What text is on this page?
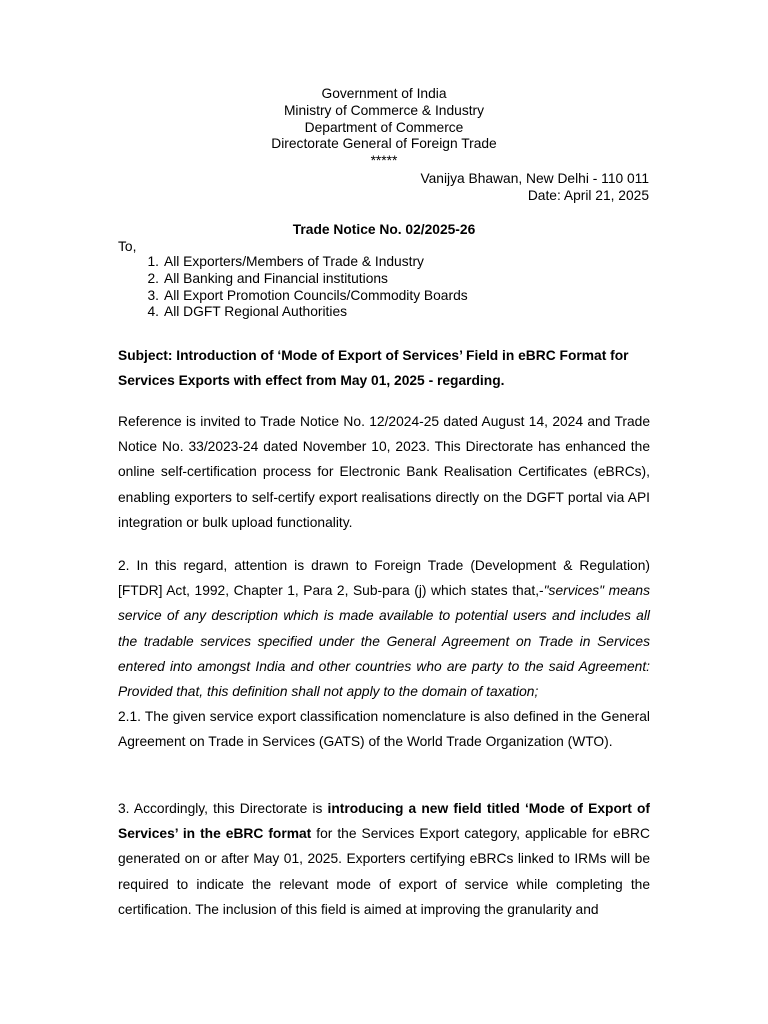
Government of India
Ministry of Commerce & Industry
Department of Commerce
Directorate General of Foreign Trade
*****
Vanijya Bhawan, New Delhi - 110 011
Date: April 21, 2025
Trade Notice No. 02/2025-26
To,
1. All Exporters/Members of Trade & Industry
2. All Banking and Financial institutions
3. All Export Promotion Councils/Commodity Boards
4. All DGFT Regional Authorities

Subject: Introduction of ‘Mode of Export of Services’ Field in eBRC Format for Services Exports with effect from May 01, 2025 - regarding.

Reference is invited to Trade Notice No. 12/2024-25 dated August 14, 2024 and Trade Notice No. 33/2023-24 dated November 10, 2023. This Directorate has enhanced the online self-certification process for Electronic Bank Realisation Certificates (eBRCs), enabling exporters to self-certify export realisations directly on the DGFT portal via API integration or bulk upload functionality.

2. In this regard, attention is drawn to Foreign Trade (Development & Regulation) [FTDR] Act, 1992, Chapter 1, Para 2, Sub-para (j) which states that,-"services" means service of any description which is made available to potential users and includes all the tradable services specified under the General Agreement on Trade in Services entered into amongst India and other countries who are party to the said Agreement: Provided that, this definition shall not apply to the domain of taxation;

2.1. The given service export classification nomenclature is also defined in the General Agreement on Trade in Services (GATS) of the World Trade Organization (WTO).

3. Accordingly, this Directorate is introducing a new field titled ‘Mode of Export of Services’ in the eBRC format for the Services Export category, applicable for eBRC generated on or after May 01, 2025. Exporters certifying eBRCs linked to IRMs will be required to indicate the relevant mode of export of service while completing the certification. The inclusion of this field is aimed at improving the granularity and
